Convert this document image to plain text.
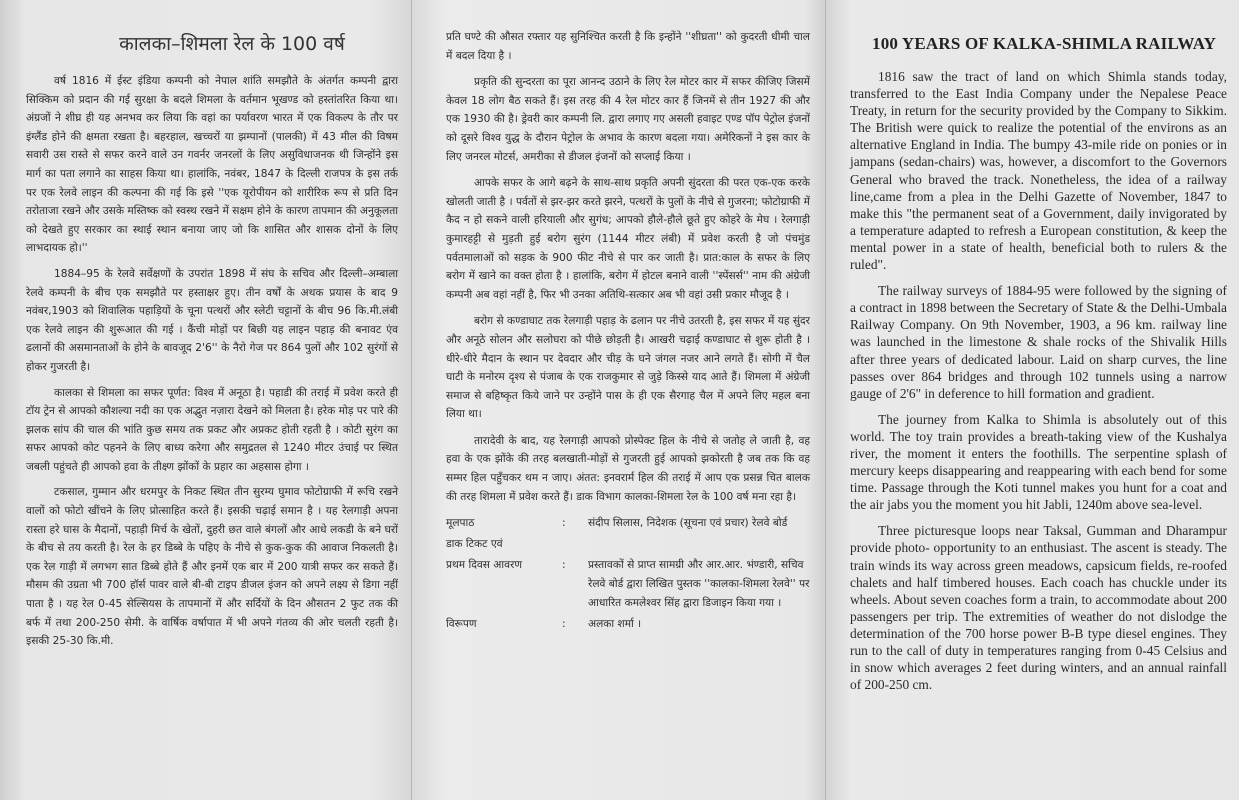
कालका–शिमला रेल के 100 वर्ष

वर्ष 1816 में ईस्ट इंडिया कम्पनी को नेपाल शांति समझौते के अंतर्गत कम्पनी द्वारा सिक्किम को प्रदान की गई सुरक्षा के बदले शिमला के वर्तमान भूखण्ड को हस्तांतरित किया था। अंग्रजों ने शीघ्र ही यह अनभव कर लिया कि वहां का पर्यावरण भारत में एक विकल्प के तौर पर इंग्लैंड होने की क्षमता रखता है। बहरहाल, खच्चरों या झम्पानों (पालकी) में 43 मील की विषम सवारी उस रास्ते से सफर करने वाले उन गवर्नर जनरलों के लिए असुविधाजनक थी जिन्होंने इस मार्ग का पता लगाने का साहस किया था। हालांकि, नवंबर, 1847 के दिल्ली राजपत्र के इस तर्क पर एक रेलवे लाइन की कल्पना की गई कि इसे ''एक यूरोपीयन को शारीरिक रूप से प्रति दिन तरोताजा रखने और उसके मस्तिष्क को स्वस्थ रखने में सक्षम होने के कारण तापमान की अनुकूलता को देखते हुए सरकार का स्थाई स्थान बनाया जाए जो कि शासित और शासक दोनों के लिए लाभदायक हो।''

1884–95 के रेलवे सर्वेक्षणों के उपरांत 1898 में संघ के सचिव और दिल्ली–अम्बाला रेलवे कम्पनी के बीच एक समझौते पर हस्ताक्षर हुए। तीन वर्षों के अथक प्रयास के बाद 9 नवंबर,1903 को शिवालिक पहाड़ियों के चूना पत्थरों और स्लेटी चट्टानों के बीच 96 कि.मी.लंबी एक रेलवे लाइन की शुरूआत की गई । कैंची मोड़ों पर बिछी यह लाइन पहाड़ की बनावट एंव ढलानों की असमानताओं के होने के बावजूद 2'6'' के नैरो गेज पर 864 पुलों और 102 सुरंगों से होकर गुजरती है।

कालका से शिमला का सफर पूर्णत: विश्व में अनूठा है। पहाडी की तराई में प्रवेश करते ही टॉय ट्रेन से आपको कौशल्या नदी का एक अद्भुत नज़ारा देखने को मिलता है। हरेक मोड़ पर पारे की झलक सांप की चाल की भांति कुछ समय तक प्रकट और अप्रकट होती रहती है । कोटी सुरंग का सफर आपको कोट पहनने के लिए बाध्य करेगा और समुद्रतल से 1240 मीटर उंचाई पर स्थित जबली पहुंचते ही आपको हवा के तीक्ष्ण झोंकों के प्रहार का अहसास होगा ।

टकसाल, गुम्मान और धरमपुर के निकट स्थित तीन सुरम्य घुमाव फोटोग्राफी में रूचि रखने वालों को फोटो खींचने के लिए प्रोत्साहित करते हैं। इसकी चढ़ाई समान है । यह रेलगाड़ी अपना रास्ता हरे घास के मैदानों, पहाड़ी मिर्च के खेतों, दुहरी छत वाले बंगलों और आधे लकडी के बने घरों के बीच से तय करती है। रेल के हर डिब्बे के पहिए के नीचे से कुक-कुक की आवाज निकलती है। एक रेल गाड़ी में लगभग सात डिब्बे होते हैं और इनमें एक बार में 200 यात्री सफर कर सकते हैं। मौसम की उग्रता भी 700 हॉर्स पावर वाले बी-बी टाइप डीजल इंजन को अपने लक्ष्य से डिगा नहीं पाता है । यह रेल 0-45 सेल्सियस के तापमानों में और सर्दियों के दिन औसतन 2 फुट तक की बर्फ में तथा 200-250 सेमी. के वार्षिक वर्षापात में भी अपने गंतव्य की ओर चलती रहती है। इसकी 25-30 कि.मी.

प्रति घण्टे की औसत रफ्तार यह सुनिश्चित करती है कि इन्होंने ''शीघ्रता'' को कुदरती धीमी चाल में बदल दिया है ।

प्रकृति की सुन्दरता का पूरा आनन्द उठाने के लिए रेल मोटर कार में सफर कीजिए जिसमें केवल 18 लोग बैठ सकते हैं। इस तरह की 4 रेल मोटर कार हैं जिनमें से तीन 1927 की और एक 1930 की है। ड्रेवरी कार कम्पनी लि. द्वारा लगाए गए असली हवाइट एण्ड पॉप पेट्रोल इंजनों को दूसरे विश्व युद्ध के दौरान पेट्रोल के अभाव के कारण बदला गया। अमेरिकनों ने इस कार के लिए जनरल मोटर्स, अमरीका से डीजल इंजनों को सप्लाई किया ।

आपके सफर के आगे बढ़ने के साथ-साथ प्रकृति अपनी सुंदरता की परत एक-एक करके खोलती जाती है । पर्वतों से झर-झर करते झरने, पत्थरों के पुलों के नीचे से गुजरना; फोटोग्राफी में कैद न हो सकने वाली हरियाली और सुगंध; आपको हौले-हौले छूते हुए कोहरे के मेघ । रेलगाड़ी कुमारहट्टी से मुड़ती हुई बरोग सुरंग (1144 मीटर लंबी) में प्रवेश करती है जो पंचमुंड पर्वतमालाओं को सड़क के 900 फीट नीचे से पार कर जाती है। प्रात:काल के सफर के लिए बरोग में खाने का वक्त होता है । हालांकि, बरोग में होटल बनाने वाली ''स्पेंसर्स'' नाम की अंग्रेजी कम्पनी अब वहां नहीं है, फिर भी उनका अतिथि-सत्कार अब भी वहां उसी प्रकार मौजूद है ।

बरोग से कण्डाघाट तक रेलगाड़ी पहाड़ के ढलान पर नीचे उतरती है, इस सफर में यह सुंदर और अनूठे सोलन और सलोघरा को पीछे छोड़ती है। आखरी चढ़ाई कण्डाघाट से शुरू होती है । धीरे-धीरे मैदान के स्थान पर देवदार और चीड़ के घने जंगल नजर आने लगते हैं। सोगी में चैल घाटी के मनोरम दृश्य से पंजाब के एक राजकुमार से जुड़े किस्से याद आते हैं। शिमला में अंग्रेजी समाज से बहिष्कृत किये जाने पर उन्होंने पास के ही एक सैरगाह चैल में अपने लिए महल बना लिया था।

तारादेवी के बाद, यह रेलगाड़ी आपको प्रोस्पेक्ट हिल के नीचे से जताेह ले जाती है, वह हवा के एक झोंके की तरह बलखाती-मोड़ों से गुजरती हुई आपको झकोरती है जब तक कि वह सम्मर हिल पहुँचकर थम न जाए। अंतत: इनवरार्म हिल की तराई में आप एक प्रसन्न चित बालक की तरह शिमला में प्रवेश करते हैं। डाक विभाग कालका-शिमला रेल के 100 वर्ष मना रहा है।

मूलपाठ	:	संदीप सिलास, निदेशक (सूचना एवं प्रचार) रेलवे बोर्ड
डाक टिकट एवं
प्रथम दिवस आवरण	:	प्रस्तावकों से प्राप्त सामग्री और आर.आर. भंण्डारी, सचिव रेलवे बोर्ड द्वारा लिखित पुस्तक ''कालका-शिमला रेलवे'' पर आधारित कमलेश्वर सिंह द्वारा डिजाइन किया गया ।
विरूपण	:	अलका शर्मा ।
100 YEARS OF KALKA-SHIMLA RAILWAY

1816 saw the tract of land on which Shimla stands today, transferred to the East India Company under the Nepalese Peace Treaty, in return for the security provided by the Company to Sikkim. The British were quick to realize the potential of the environs as an alternative England in India. The bumpy 43-mile ride on ponies or in jampans (sedan-chairs) was, however, a discomfort to the Governors General who braved the track. Nonetheless, the idea of a railway line,came from a plea in the Delhi Gazette of November, 1847 to make this "the permanent seat of a Government, daily invigorated by a temperature adapted to refresh a European constitution, & keep the mental power in a state of health, beneficial both to rulers & the ruled".

The railway surveys of 1884-95 were followed by the signing of a contract in 1898 between the Secretary of State & the Delhi-Umbala Railway Company. On 9th November, 1903, a 96 km. railway line was launched in the limestone & shale rocks of the Shivalik Hills after three years of dedicated labour. Laid on sharp curves, the line passes over 864 bridges and through 102 tunnels using a narrow gauge of 2'6" in deference to hill formation and gradient.

The journey from Kalka to Shimla is absolutely out of this world. The toy train provides a breath-taking view of the Kushalya river, the moment it enters the foothills. The serpentine splash of mercury keeps disappearing and reappearing with each bend for some time. Passage through the Koti tunnel makes you hunt for a coat and the air jabs you the moment you hit Jabli, 1240m above sea-level.

Three picturesque loops near Taksal, Gumman and Dharampur provide photo- opportunity to an enthusiast. The ascent is steady. The train winds its way across green meadows, capsicum fields, re-roofed chalets and half timbered houses. Each coach has chuckle under its wheels. About seven coaches form a train, to accommodate about 200 passengers per trip. The extremities of weather do not dislodge the determination of the 700 horse power B-B type diesel engines. They run to the call of duty in temperatures ranging from 0-45 Celsius and in snow which averages 2 feet during winters, and an annual rainfall of 200-250 cm.
